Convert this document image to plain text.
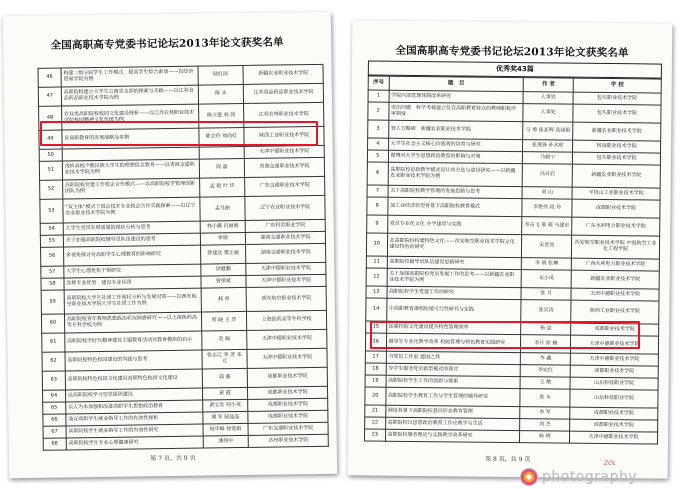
全国高职高专党委书记论坛2013年论文获奖名单
46	构建二级分院学生工作模式　提高学生综合素质——以经济贸易学院为例	陆红雨	新疆农业职业技术学院
47	高职院校建立大学生公寓党支部的探索与实践——以江苏食品药品职业技术学院为例	陈 永	江苏食品药品职业技术学院
48	农业类高职院校校园文化建设探析——以江苏农林职业技术学院校园精神文化传统为例	陈立建 刘 茜	江苏农林职业技术学院
49	论高职教育的发展战略及举措	陈会玲 刘尚红	陕西工业职业技术学院
50			天津中德职业技术学院
51	浅析高校少数民族大学生的理想信念教育——以青海交通职业技术学院为例	周 磊	青海交通职业技术学院
52	高职院校党建工作校企合作模式——以高职院校学管理创新团队为例	孟 毅 叶 华	广东交通职业技术学院
53	“双主体”模式下国企技术专业校企合作实践探索——以辽宁农业职业技术学院为例	孟凡丽	辽宁农业职业技术学院
54	大学生党员发展质量的现状分析与思考	林小璐 肖丽娟	广东科贸职业学院
55	关于加强高职院校辅导员队伍建设的思考	李娟	湖南交通职业技术学院
56	多视角探讨对高职学生心理教育的影响研究	罗建达 樊正斌	湖南交通职业技术学院
57	大学生心理危机干预研究	洪健鹏	天津中德职业技术学院
58	发挥专业优势　建设专业社团	曾梁斌	天津中德职业技术学院
59	高职院校大学生社团工作现状分析与发展对策——以西安航空职业技术学院大学生社团工作为例	郝 青	西安航空职业技术学院
60	高职院校青年教师思想政治状况调查研究——以上海医药高等专科学校为例	蔡 晓 王 华	上海医药高等专科学校
61	高职院校学时代精神建设主题教育活动对教育模块的启示	袁 佩	天津中德职业技术学院
62	高职院校特色校园建设的实践与思考	张志江 李 芳 朱 元	天津中德职业技术学院
63	高职院校特色校园文化建设高职特色校园文化建设	郭 睿	成都职业技术学院
64	论高职院校学习型党组织建设	黄 霞	成都职业技术学院
65	以人为本加强和改进高职学生思想政治教育	黄宝发 何小英	成都职业技术学院
66	浅议高职学生就业指导工作的有效性探析	谢 军 陆晶晶	成都职业技术学院
67	高职院校学生就业指导工作的有效性研究	杨华峰 徐爱娟	广东交通职业技术学院
68	高职院校学生专业心理健康研究	潘伟中	达州职业技术学院
第 7 页，共 9 页
全国高职高专党委书记论坛2013年论文获奖名单
优秀奖43篇
序号	题　目	作 者	学 校
1	学院内部管理体制改革研究	人事处	包头职业技术学院
2	突出问题　科学考核建立符合高职教育特点的教师职称评审制度	人事处	包头职业技术学院
3	育人方略研　新疆农业职业技术学院	马 勇 张亚辉 高丽娟	新疆农业职业技术学院
4	大学生社会主义核心价值观的培育与研究	张燕锋 孙水琼	杨凌职业技术学院
5	微博对大学生思想政治教育的影响与对策	马骏宁	包头职业技术学院
6	高职院校思政教学模式设计的方法与途径研究——以新疆农业职业技术学院为例	冯开启	新疆农业职业技术学院
7	关于高职院校教学管理的发展思路与思考	刘 山	平顶山工业职业技术学院
8	加工业经济转型背景下高职院校教育模式	李艳伟 段 玲	成都职业技术学院
9	党员专业化文化 办学建设与实践	李奇飞 邢 萌 马建东	广东水利电力职业技术学院
10	北高职院校构建特色文化——西安航空职业技术学院文化建设特色的研究	宋世凤	西安航空职业技术学院 中国航空工业化工程学院
11	高职院校辅导员队伍建设思路研究	李 娟 张琳	广西水利电力职业技术学院
12	关于加强高职院校党员发展工作的思考——以新疆农业职业技术学院为例	宋小凤	新疆农业职业技术学院
13	高职院校学生党建工作的研究	张 月	天津中德职业技术学院
14	中高职教育课程衔接可行性研究与实践	张吴涛	陕西工业职业技术学院
15	加强校院文化建设提升特色管理效率	杨 益	成都职业技术学院
16	做导生专业化教学改革 校院管理与特色教育实践研究	李开 徐 楠	天津中德职业技术学院
17	当党员工作室 建国之我	李 鑫	天津中德职业技术学院
18	导学生服务党员新型模式的探讨	李宏红	成都职业技术学院
19	高职院校学生工作的创新与探索	王 敏	山东科技职业学院
20	高职院校学生教育工作与学生管理的辅导研究	张 永	山东科技职业学院
21	网络背景下高职院校意识形态教育管理	李 军	成都职业技术学院
22	高职院校以思想政治教育工作论教学与生活	刘 杰	成都职业技术学院
23	高职院校服务理论与实践教学改革研究	杨 晓	天津中德职业技术学院
第 8 页，共 9 页
photography
ZOL
